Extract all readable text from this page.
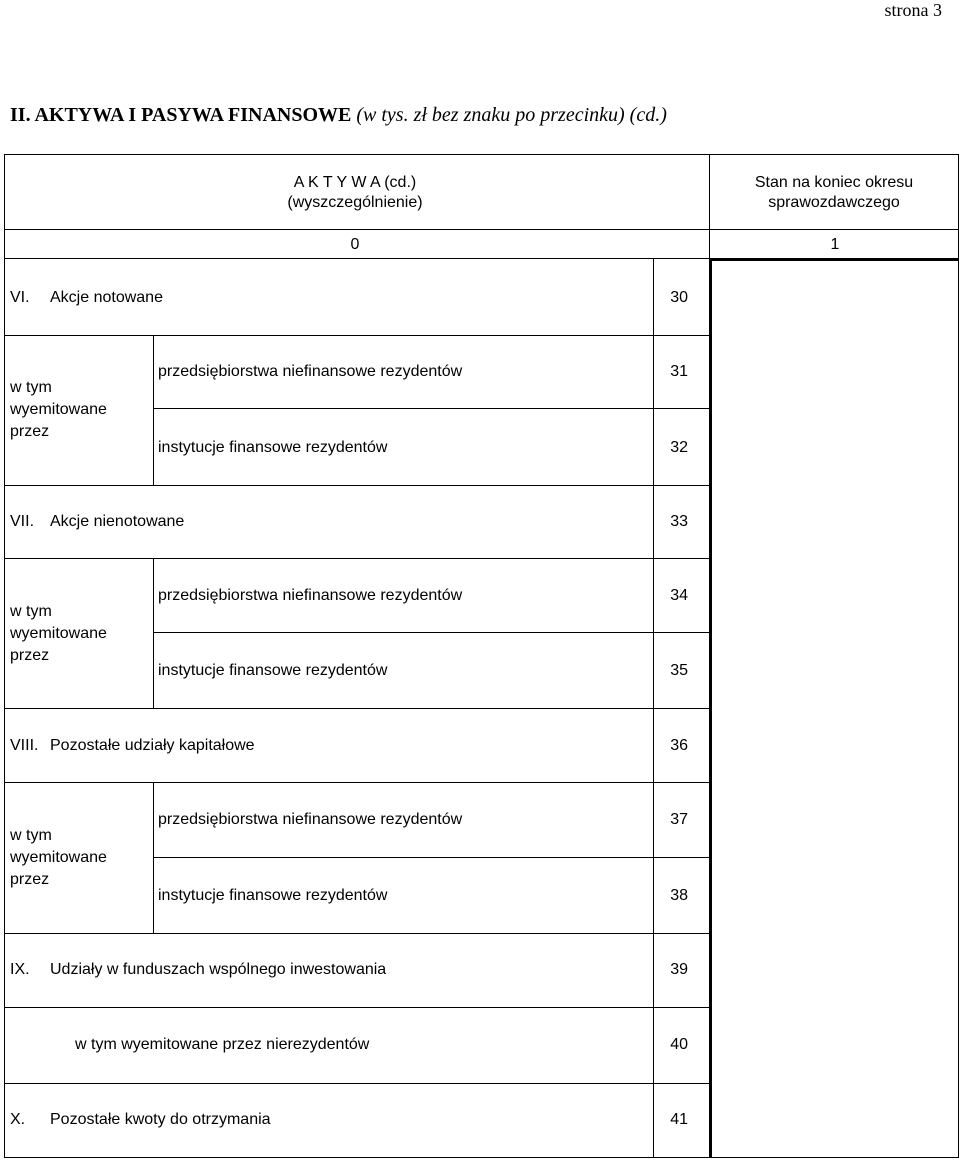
strona 3
II. AKTYWA I PASYWA FINANSOWE (w tys. zł bez znaku po przecinku) (cd.)
A K T Y W A (cd.)
(wyszczególnienie)
Stan na koniec okresu
sprawozdawczego
0	1
VI. Akcje notowane	30
w tym
wyemitowane
przez
przedsiębiorstwa niefinansowe rezydentów	31
instytucje finansowe rezydentów	32
VII. Akcje nienotowane	33
w tym
wyemitowane
przez
przedsiębiorstwa niefinansowe rezydentów	34
instytucje finansowe rezydentów	35
VIII. Pozostałe udziały kapitałowe	36
w tym
wyemitowane
przez
przedsiębiorstwa niefinansowe rezydentów	37
instytucje finansowe rezydentów	38
IX. Udziały w funduszach wspólnego inwestowania	39
w tym wyemitowane przez nierezydentów	40
X. Pozostałe kwoty do otrzymania	41
